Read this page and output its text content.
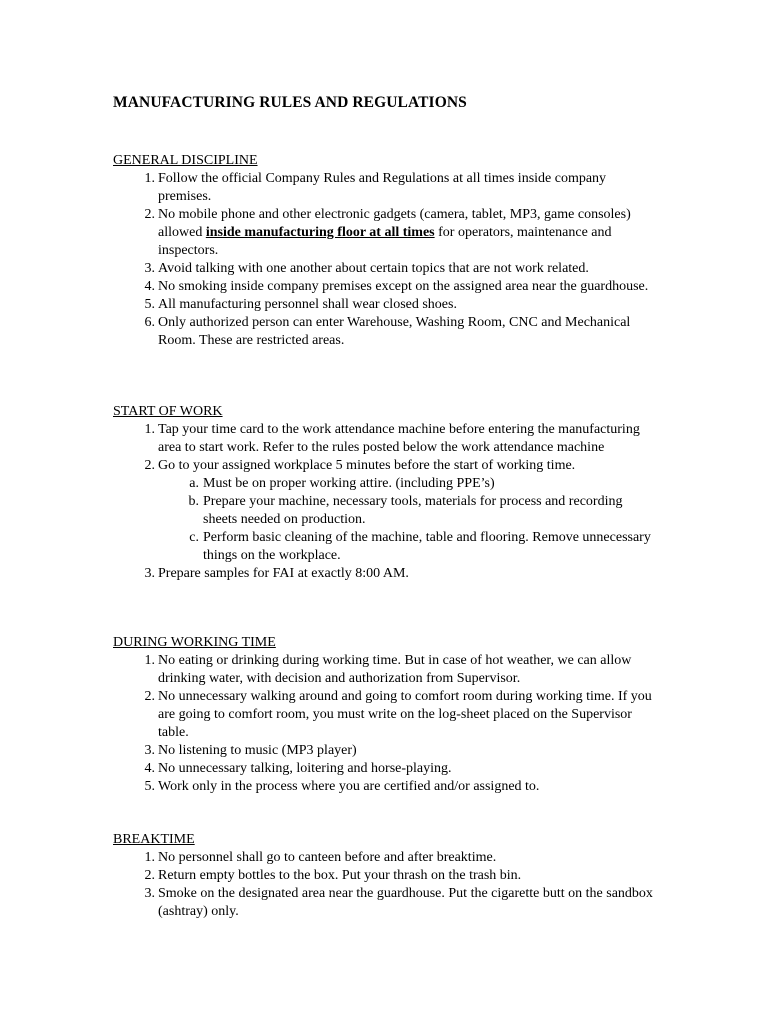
MANUFACTURING RULES AND REGULATIONS
GENERAL DISCIPLINE
1. Follow the official Company Rules and Regulations at all times inside company premises.
2. No mobile phone and other electronic gadgets (camera, tablet, MP3, game consoles) allowed inside manufacturing floor at all times for operators, maintenance and inspectors.
3. Avoid talking with one another about certain topics that are not work related.
4. No smoking inside company premises except on the assigned area near the guardhouse.
5. All manufacturing personnel shall wear closed shoes.
6. Only authorized person can enter Warehouse, Washing Room, CNC and Mechanical Room. These are restricted areas.
START OF WORK
1. Tap your time card to the work attendance machine before entering the manufacturing area to start work. Refer to the rules posted below the work attendance machine
2. Go to your assigned workplace 5 minutes before the start of working time.
a. Must be on proper working attire. (including PPE’s)
b. Prepare your machine, necessary tools, materials for process and recording sheets needed on production.
c. Perform basic cleaning of the machine, table and flooring. Remove unnecessary things on the workplace.
3. Prepare samples for FAI at exactly 8:00 AM.
DURING WORKING TIME
1. No eating or drinking during working time. But in case of hot weather, we can allow drinking water, with decision and authorization from Supervisor.
2. No unnecessary walking around and going to comfort room during working time. If you are going to comfort room, you must write on the log-sheet placed on the Supervisor table.
3. No listening to music (MP3 player)
4. No unnecessary talking, loitering and horse-playing.
5. Work only in the process where you are certified and/or assigned to.
BREAKTIME
1. No personnel shall go to canteen before and after breaktime.
2. Return empty bottles to the box. Put your thrash on the trash bin.
3. Smoke on the designated area near the guardhouse. Put the cigarette butt on the sandbox (ashtray) only.
